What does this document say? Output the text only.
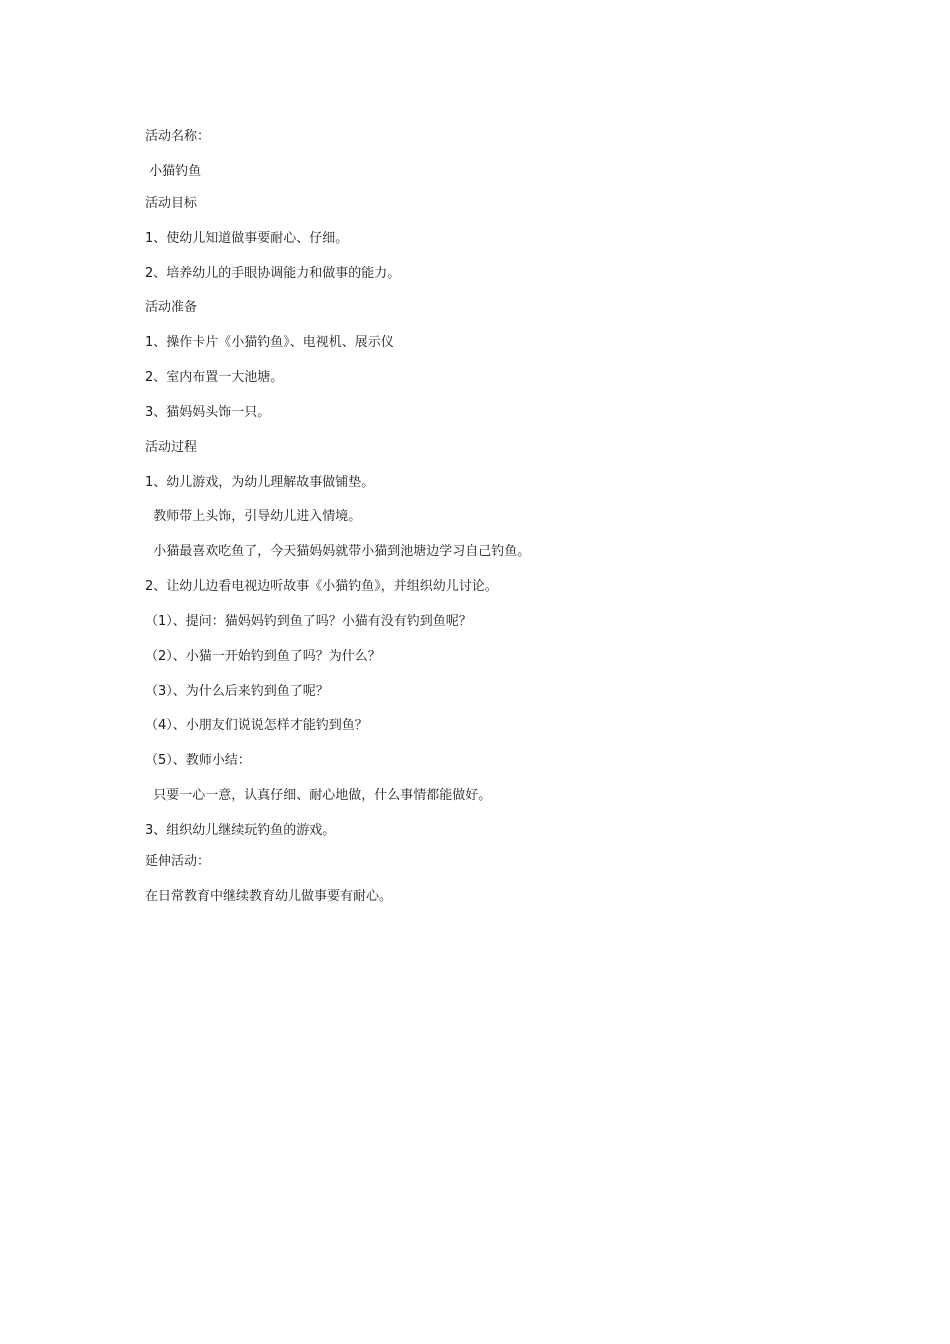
活动名称：
小猫钓鱼
活动目标
1、使幼儿知道做事要耐心、仔细。
2、培养幼儿的手眼协调能力和做事的能力。
活动准备
1、操作卡片《小猫钓鱼》、电视机、展示仪
2、室内布置一大池塘。
3、猫妈妈头饰一只。
活动过程
1、幼儿游戏，为幼儿理解故事做铺垫。
教师带上头饰，引导幼儿进入情境。
小猫最喜欢吃鱼了，今天猫妈妈就带小猫到池塘边学习自己钓鱼。
2、让幼儿边看电视边听故事《小猫钓鱼》，并组织幼儿讨论。
（1）、提问：猫妈妈钓到鱼了吗？小猫有没有钓到鱼呢？
（2）、小猫一开始钓到鱼了吗？为什么？
（3）、为什么后来钓到鱼了呢？
（4）、小朋友们说说怎样才能钓到鱼？
（5）、教师小结：
只要一心一意，认真仔细、耐心地做，什么事情都能做好。
3、组织幼儿继续玩钓鱼的游戏。
延伸活动：
在日常教育中继续教育幼儿做事要有耐心。
